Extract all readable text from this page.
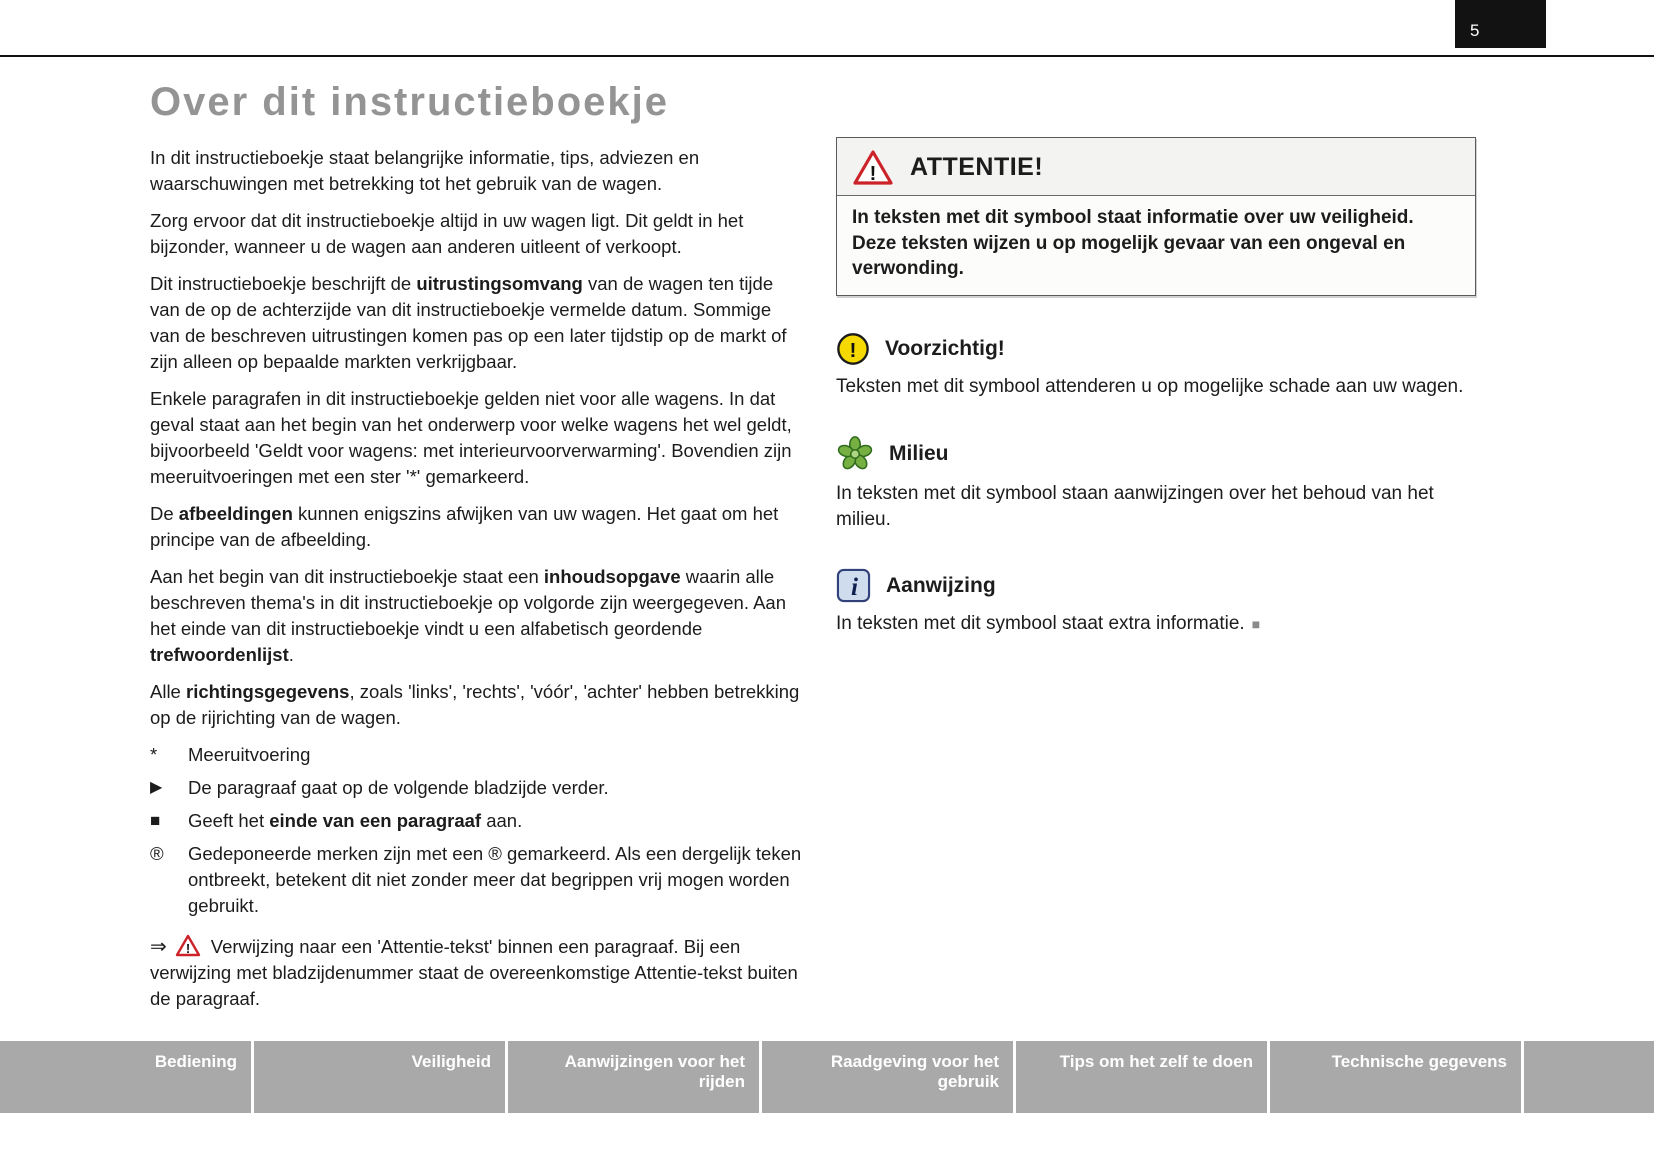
5
Over dit instructieboekje

In dit instructieboekje staat belangrijke informatie, tips, adviezen en waarschuwingen met betrekking tot het gebruik van de wagen.

Zorg ervoor dat dit instructieboekje altijd in uw wagen ligt. Dit geldt in het bijzonder, wanneer u de wagen aan anderen uitleent of verkoopt.

Dit instructieboekje beschrijft de uitrustingsomvang van de wagen ten tijde van de op de achterzijde van dit instructieboekje vermelde datum. Sommige van de beschreven uitrustingen komen pas op een later tijdstip op de markt of zijn alleen op bepaalde markten verkrijgbaar.

Enkele paragrafen in dit instructieboekje gelden niet voor alle wagens. In dat geval staat aan het begin van het onderwerp voor welke wagens het wel geldt, bijvoorbeeld 'Geldt voor wagens: met interieurvoorverwarming'. Bovendien zijn meeruitvoeringen met een ster '*' gemarkeerd.

De afbeeldingen kunnen enigszins afwijken van uw wagen. Het gaat om het principe van de afbeelding.

Aan het begin van dit instructieboekje staat een inhoudsopgave waarin alle beschreven thema's in dit instructieboekje op volgorde zijn weergegeven. Aan het einde van dit instructieboekje vindt u een alfabetisch geordende trefwoordenlijst.

Alle richtingsgegevens, zoals 'links', 'rechts', 'vóór', 'achter' hebben betrekking op de rijrichting van de wagen.

*	Meeruitvoering
▶	De paragraaf gaat op de volgende bladzijde verder.
■	Geeft het einde van een paragraaf aan.
®	Gedeponeerde merken zijn met een ® gemarkeerd. Als een dergelijk teken ontbreekt, betekent dit niet zonder meer dat begrippen vrij mogen worden gebruikt.

⇒ ! Verwijzing naar een 'Attentie-tekst' binnen een paragraaf. Bij een verwijzing met bladzijdenummer staat de overeenkomstige Attentie-tekst buiten de paragraaf.

! ATTENTIE!
In teksten met dit symbool staat informatie over uw veiligheid. Deze teksten wijzen u op mogelijk gevaar van een ongeval en verwonding.
! Voorzichtig!
Teksten met dit symbool attenderen u op mogelijke schade aan uw wagen.
Milieu
In teksten met dit symbool staan aanwijzingen over het behoud van het milieu.
i Aanwijzing
In teksten met dit symbool staat extra informatie. ■
Bediening	Veiligheid	Aanwijzingen voor het rijden
Raadgeving voor het gebruik
Tips om het zelf te doen	Technische gegevens
